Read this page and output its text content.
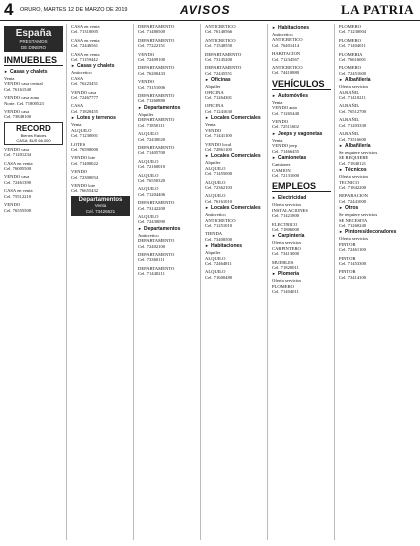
4 ORURO, MARTES 12 DE MARZO DE 2019	AVISOS	LA PATRIA
España
PRESTAMOS
DE DINERO
INMUEBLES
► Casas y chalets
Venta
VENDO casa central
Cel. 76161540
VENDO casa zona
Norte. Cel. 71800523
VENDO casa
Cel. 73848100
RECORD
Bienes Raíces
CASA: $US 66.000
VENDO casa
Cel. 71201234
CASA en venta
Cel. 76005500
VENDO casa
Cel. 72461390
CASA en venta
Cel. 75512210
VENDO
Cel. 76555500
CASA en venta
Cel. 71310005
CASA en venta
Cel. 72446561
CASA en venta
Cel. 71159442
► Casas y chalets
Anticretico
CASA
Cel. 76223451
VENDO casa
Cel. 72467777
CASA
Cel. 71820455
► Lotes y terrenos
Venta
ALQUILO
Cel. 71230001
LOTES
Cel. 76590000
VENDO lote
Cel. 71400022
VENDO
Cel. 72300054
VENDO lote
Cel. 76655432
Departamentos
Venta
Cel. 73426621
DEPARTAMENTO
Cel. 71480500
DEPARTAMENTO
Cel. 77222151
VENDO
Cel. 72409100
DEPARTAMENTO
Cel. 76200433
VENDO
Cel. 73151006
DEPARTAMENTO
Cel. 71260880
► Departamentos
Alquiler
DEPARTAMENTO
Cel. 71850111
ALQUILO
Cel. 72430020
DEPARTAMENTO
Cel. 71405700
ALQUILO
Cel. 72160010
ALQUILO
Cel. 76550320
ALQUILO
Cel. 71204406
DEPARTAMENTO
Cel. 73142200
ALQUILO
Cel. 72430090
► Departamentos
Anticretico
DEPARTAMENTO
Cel. 72402100
DEPARTAMENTO
Cel. 73360111
DEPARTAMENTO
Cel. 71440211
ANTICRETICO
Cel. 76140566
ANTICRETICO
Cel. 71540550
DEPARTAMENTO
Cel. 73145200
DEPARTAMENTO
Cel. 72445551
► Oficinas
Alquiler
OFICINA
Cel. 71264301
OFICINA
Cel. 71241630
► Locales Comerciales
Venta
VENDO
Cel. 71441100
VENDO local
Cel. 72861100
► Locales Comerciales
Alquiler
ALQUILO
Cel. 71455000
ALQUILO
Cel. 72362103
ALQUILO
Cel. 76161010
► Locales Comerciales
Anticretico
ANTICRETICO
Cel. 71251010
TIENDA
Cel. 73400500
► Habitaciones
Alquiler
ALQUILO
Cel. 72464811
ALQUILO
Cel. 71600480
► Habitaciones
Anticretico
ANTICRETICO
Cel. 76401414
HABITACION
Cel. 71234567
ANTICRETICO
Cel. 74410880
VEHÍCULOS
► Automóviles
Venta
VENDO auto
Cel. 71265440
VENDO
Cel. 72511602
► Jeeps y vagonetas
Venta
VENDO jeep
Cel. 71466455
► Camionetas
Camiones
CAMION
Cel. 72131000
EMPLEOS
► Electricidad
Oferta servicios
INSTALACIONES
Cel. 71421800
ELECTRICO
Cel. 71806000
► Carpintería
Oferta servicios
CARPINTERO
Cel. 73413000
MUEBLES
Cel. 71820011
► Plomería
Oferta servicios
PLOMERO
Cel. 71404011
PLOMERO
Cel. 71230004
PLOMERO
Cel. 71404011
PLOMERIA
Cel. 76616001
PLOMERO
Cel. 72451600
► Albañilería
Oferta servicios
ALBAÑIL
Cel. 71410211
ALBAÑIL
Cel. 76512700
ALBAÑIL
Cel. 71203330
ALBAÑIL
Cel. 73516600
► Albañilería
Se requiere servicios
SE REQUIERE
Cel. 71840121
► Técnicos
Oferta servicios
TECNICO
Cel. 71842200
REPARACION
Cel. 72441000
► Otros
Se requiere servicios
SE NECESITA
Cel. 71260240
► Pintores/decoradores
Oferta servicios
PINTOR
Cel. 72461100
PINTOR
Cel. 71453300
PINTOR
Cel. 73414100
